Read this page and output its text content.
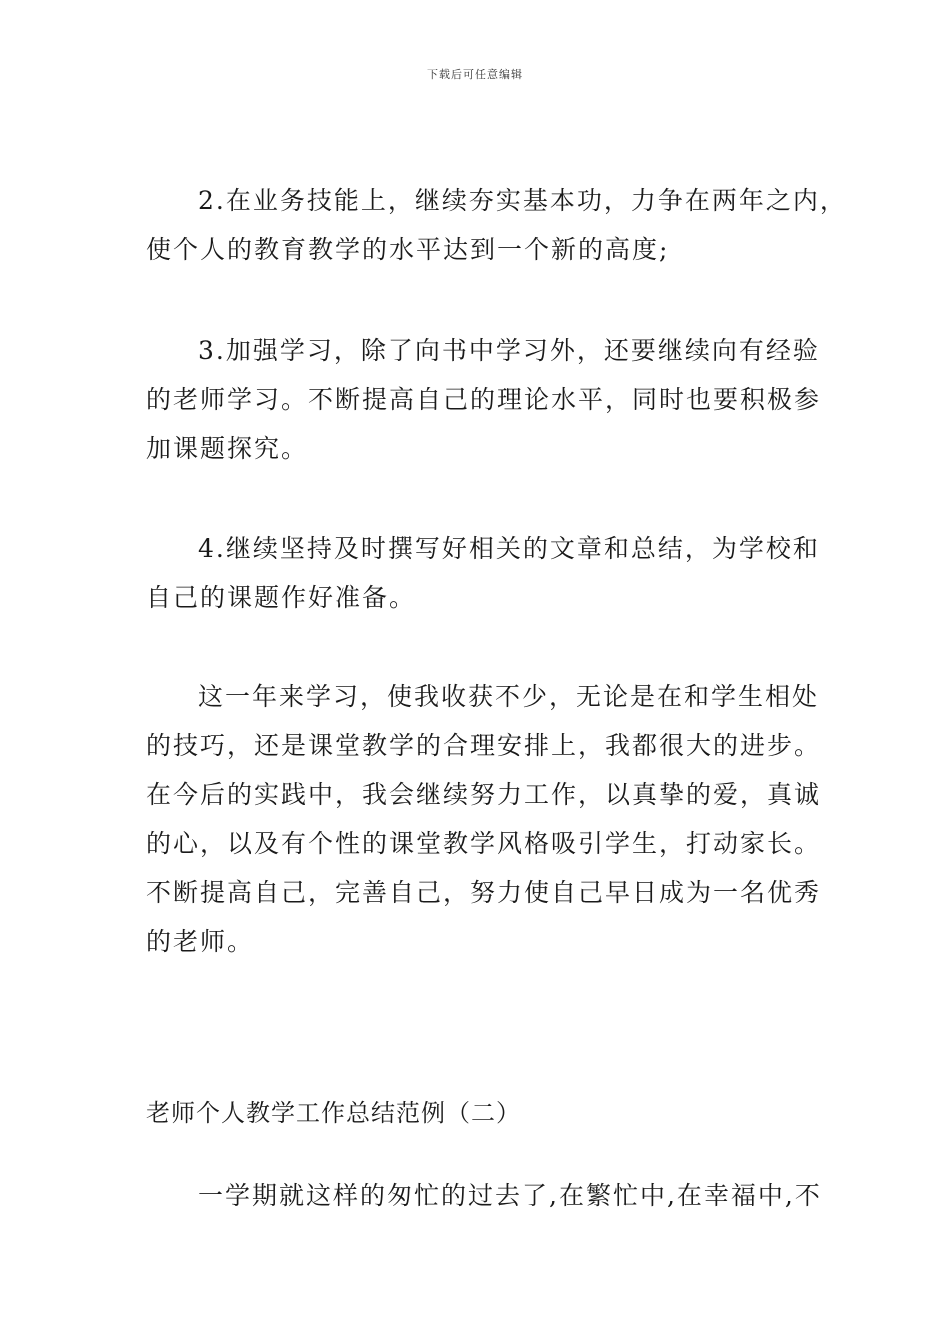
下载后可任意编辑
2.在业务技能上，继续夯实基本功，力争在两年之内，
使个人的教育教学的水平达到一个新的高度;
3.加强学习，除了向书中学习外，还要继续向有经验
的老师学习。不断提高自己的理论水平，同时也要积极参
加课题探究。
4.继续坚持及时撰写好相关的文章和总结，为学校和
自己的课题作好准备。
这一年来学习，使我收获不少，无论是在和学生相处
的技巧，还是课堂教学的合理安排上，我都很大的进步。
在今后的实践中，我会继续努力工作，以真挚的爱，真诚
的心，以及有个性的课堂教学风格吸引学生，打动家长。
不断提高自己，完善自己，努力使自己早日成为一名优秀
的老师。
老师个人教学工作总结范例（二）
一学期就这样的匆忙的过去了,在繁忙中,在幸福中,不
